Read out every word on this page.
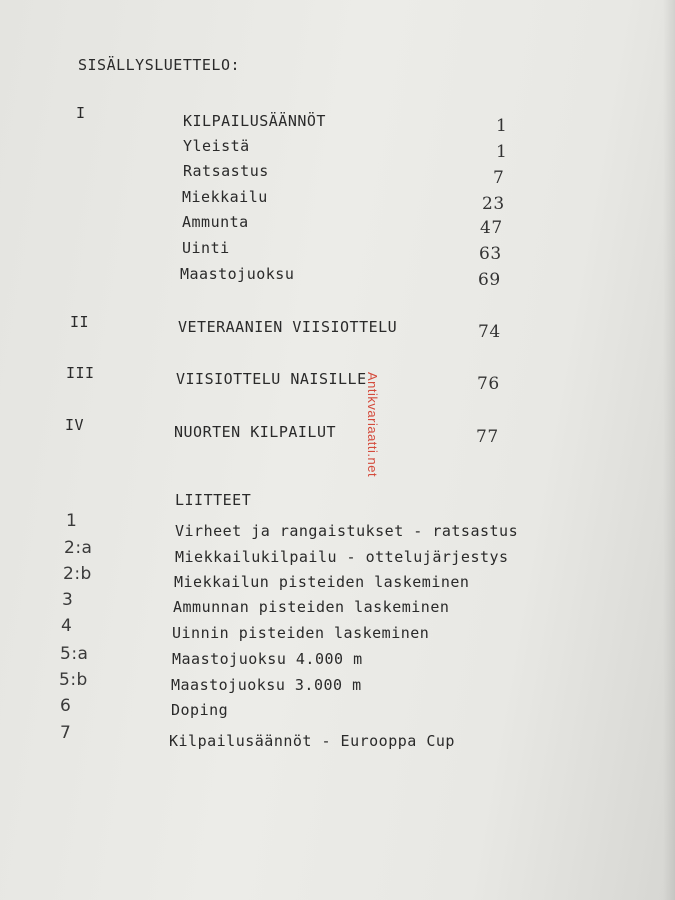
SISÄLLYSLUETTELO:
I	KILPAILUSÄÄNNÖT	1
Yleistä	1
Ratsastus	7
Miekkailu	23
Ammunta	47
Uinti	63
Maastojuoksu	69
II	VETERAANIEN VIISIOTTELU	74
III	VIISIOTTELU NAISILLE	76
IV	NUORTEN KILPAILUT	77
LIITTEET
1	Virheet ja rangaistukset - ratsastus
2:a	Miekkailukilpailu - ottelujärjestys
2:b	Miekkailun pisteiden laskeminen
3	Ammunnan pisteiden laskeminen
4	Uinnin pisteiden laskeminen
5:a	Maastojuoksu 4.000 m
5:b	Maastojuoksu 3.000 m
6	Doping
7	Kilpailusäännöt - Eurooppa Cup
Antikvariaatti.net
